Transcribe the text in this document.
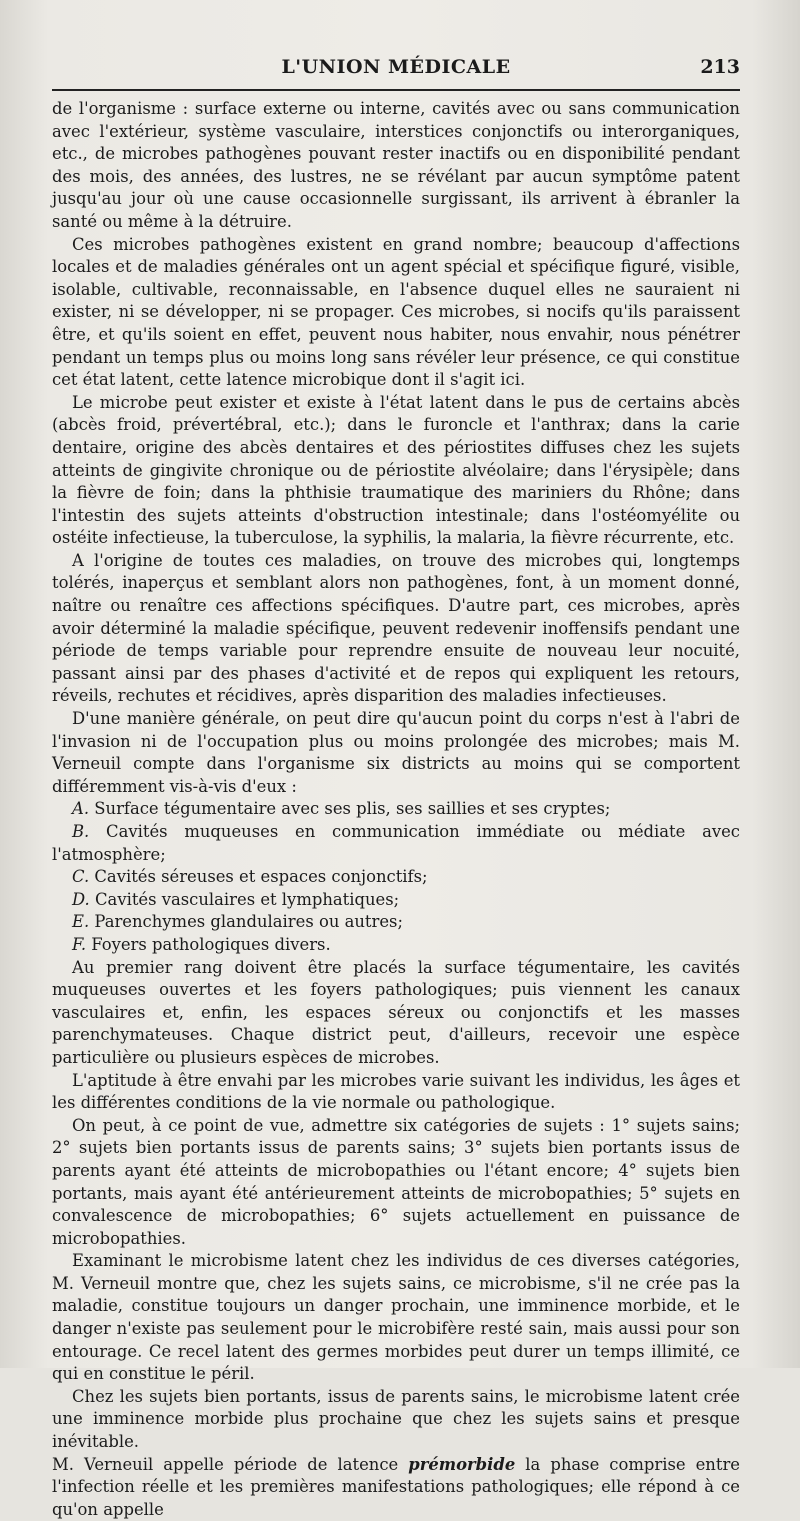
L'UNION MÉDICALE	213

de l'organisme : surface externe ou interne, cavités avec ou sans communication avec l'extérieur, système vasculaire, interstices conjonctifs ou interorganiques, etc., de microbes pathogènes pouvant rester inactifs ou en disponibilité pendant des mois, des années, des lustres, ne se révélant par aucun symptôme patent jusqu'au jour où une cause occasionnelle surgissant, ils arrivent à ébranler la santé ou même à la détruire.

Ces microbes pathogènes existent en grand nombre; beaucoup d'affections locales et de maladies générales ont un agent spécial et spécifique figuré, visible, isolable, cultivable, reconnaissable, en l'absence duquel elles ne sauraient ni exister, ni se développer, ni se propager. Ces microbes, si nocifs qu'ils paraissent être, et qu'ils soient en effet, peuvent nous habiter, nous envahir, nous pénétrer pendant un temps plus ou moins long sans révéler leur présence, ce qui constitue cet état latent, cette latence microbique dont il s'agit ici.

Le microbe peut exister et existe à l'état latent dans le pus de certains abcès (abcès froid, prévertébral, etc.); dans le furoncle et l'anthrax; dans la carie dentaire, origine des abcès dentaires et des périostites diffuses chez les sujets atteints de gingivite chronique ou de périostite alvéolaire; dans l'érysipèle; dans la fièvre de foin; dans la phthisie traumatique des mariniers du Rhône; dans l'intestin des sujets atteints d'obstruction intestinale; dans l'ostéomyélite ou ostéite infectieuse, la tuberculose, la syphilis, la malaria, la fièvre récurrente, etc.

A l'origine de toutes ces maladies, on trouve des microbes qui, longtemps tolérés, inaperçus et semblant alors non pathogènes, font, à un moment donné, naître ou renaître ces affections spécifiques. D'autre part, ces microbes, après avoir déterminé la maladie spécifique, peuvent redevenir inoffensifs pendant une période de temps variable pour reprendre ensuite de nouveau leur nocuité, passant ainsi par des phases d'activité et de repos qui expliquent les retours, réveils, rechutes et récidives, après disparition des maladies infectieuses.

D'une manière générale, on peut dire qu'aucun point du corps n'est à l'abri de l'invasion ni de l'occupation plus ou moins prolongée des microbes; mais M. Verneuil compte dans l'organisme six districts au moins qui se comportent différemment vis-à-vis d'eux :

A. Surface tégumentaire avec ses plis, ses saillies et ses cryptes;
B. Cavités muqueuses en communication immédiate ou médiate avec l'atmosphère;
C. Cavités séreuses et espaces conjonctifs;
D. Cavités vasculaires et lymphatiques;
E. Parenchymes glandulaires ou autres;
F. Foyers pathologiques divers.

Au premier rang doivent être placés la surface tégumentaire, les cavités muqueuses ouvertes et les foyers pathologiques; puis viennent les canaux vasculaires et, enfin, les espaces séreux ou conjonctifs et les masses parenchymateuses. Chaque district peut, d'ailleurs, recevoir une espèce particulière ou plusieurs espèces de microbes.

L'aptitude à être envahi par les microbes varie suivant les individus, les âges et les différentes conditions de la vie normale ou pathologique.

On peut, à ce point de vue, admettre six catégories de sujets : 1° sujets sains; 2° sujets bien portants issus de parents sains; 3° sujets bien portants issus de parents ayant été atteints de microbopathies ou l'étant encore; 4° sujets bien portants, mais ayant été antérieurement atteints de microbopathies; 5° sujets en convalescence de microbopathies; 6° sujets actuellement en puissance de microbopathies.

Examinant le microbisme latent chez les individus de ces diverses catégories, M. Verneuil montre que, chez les sujets sains, ce microbisme, s'il ne crée pas la maladie, constitue toujours un danger prochain, une imminence morbide, et le danger n'existe pas seulement pour le microbifère resté sain, mais aussi pour son entourage. Ce recel latent des germes morbides peut durer un temps illimité, ce qui en constitue le péril.

Chez les sujets bien portants, issus de parents sains, le microbisme latent crée une imminence morbide plus prochaine que chez les sujets sains et presque inévitable.

M. Verneuil appelle période de latence prémorbide la phase comprise entre l'infection réelle et les premières manifestations pathologiques; elle répond à ce qu'on appelle
